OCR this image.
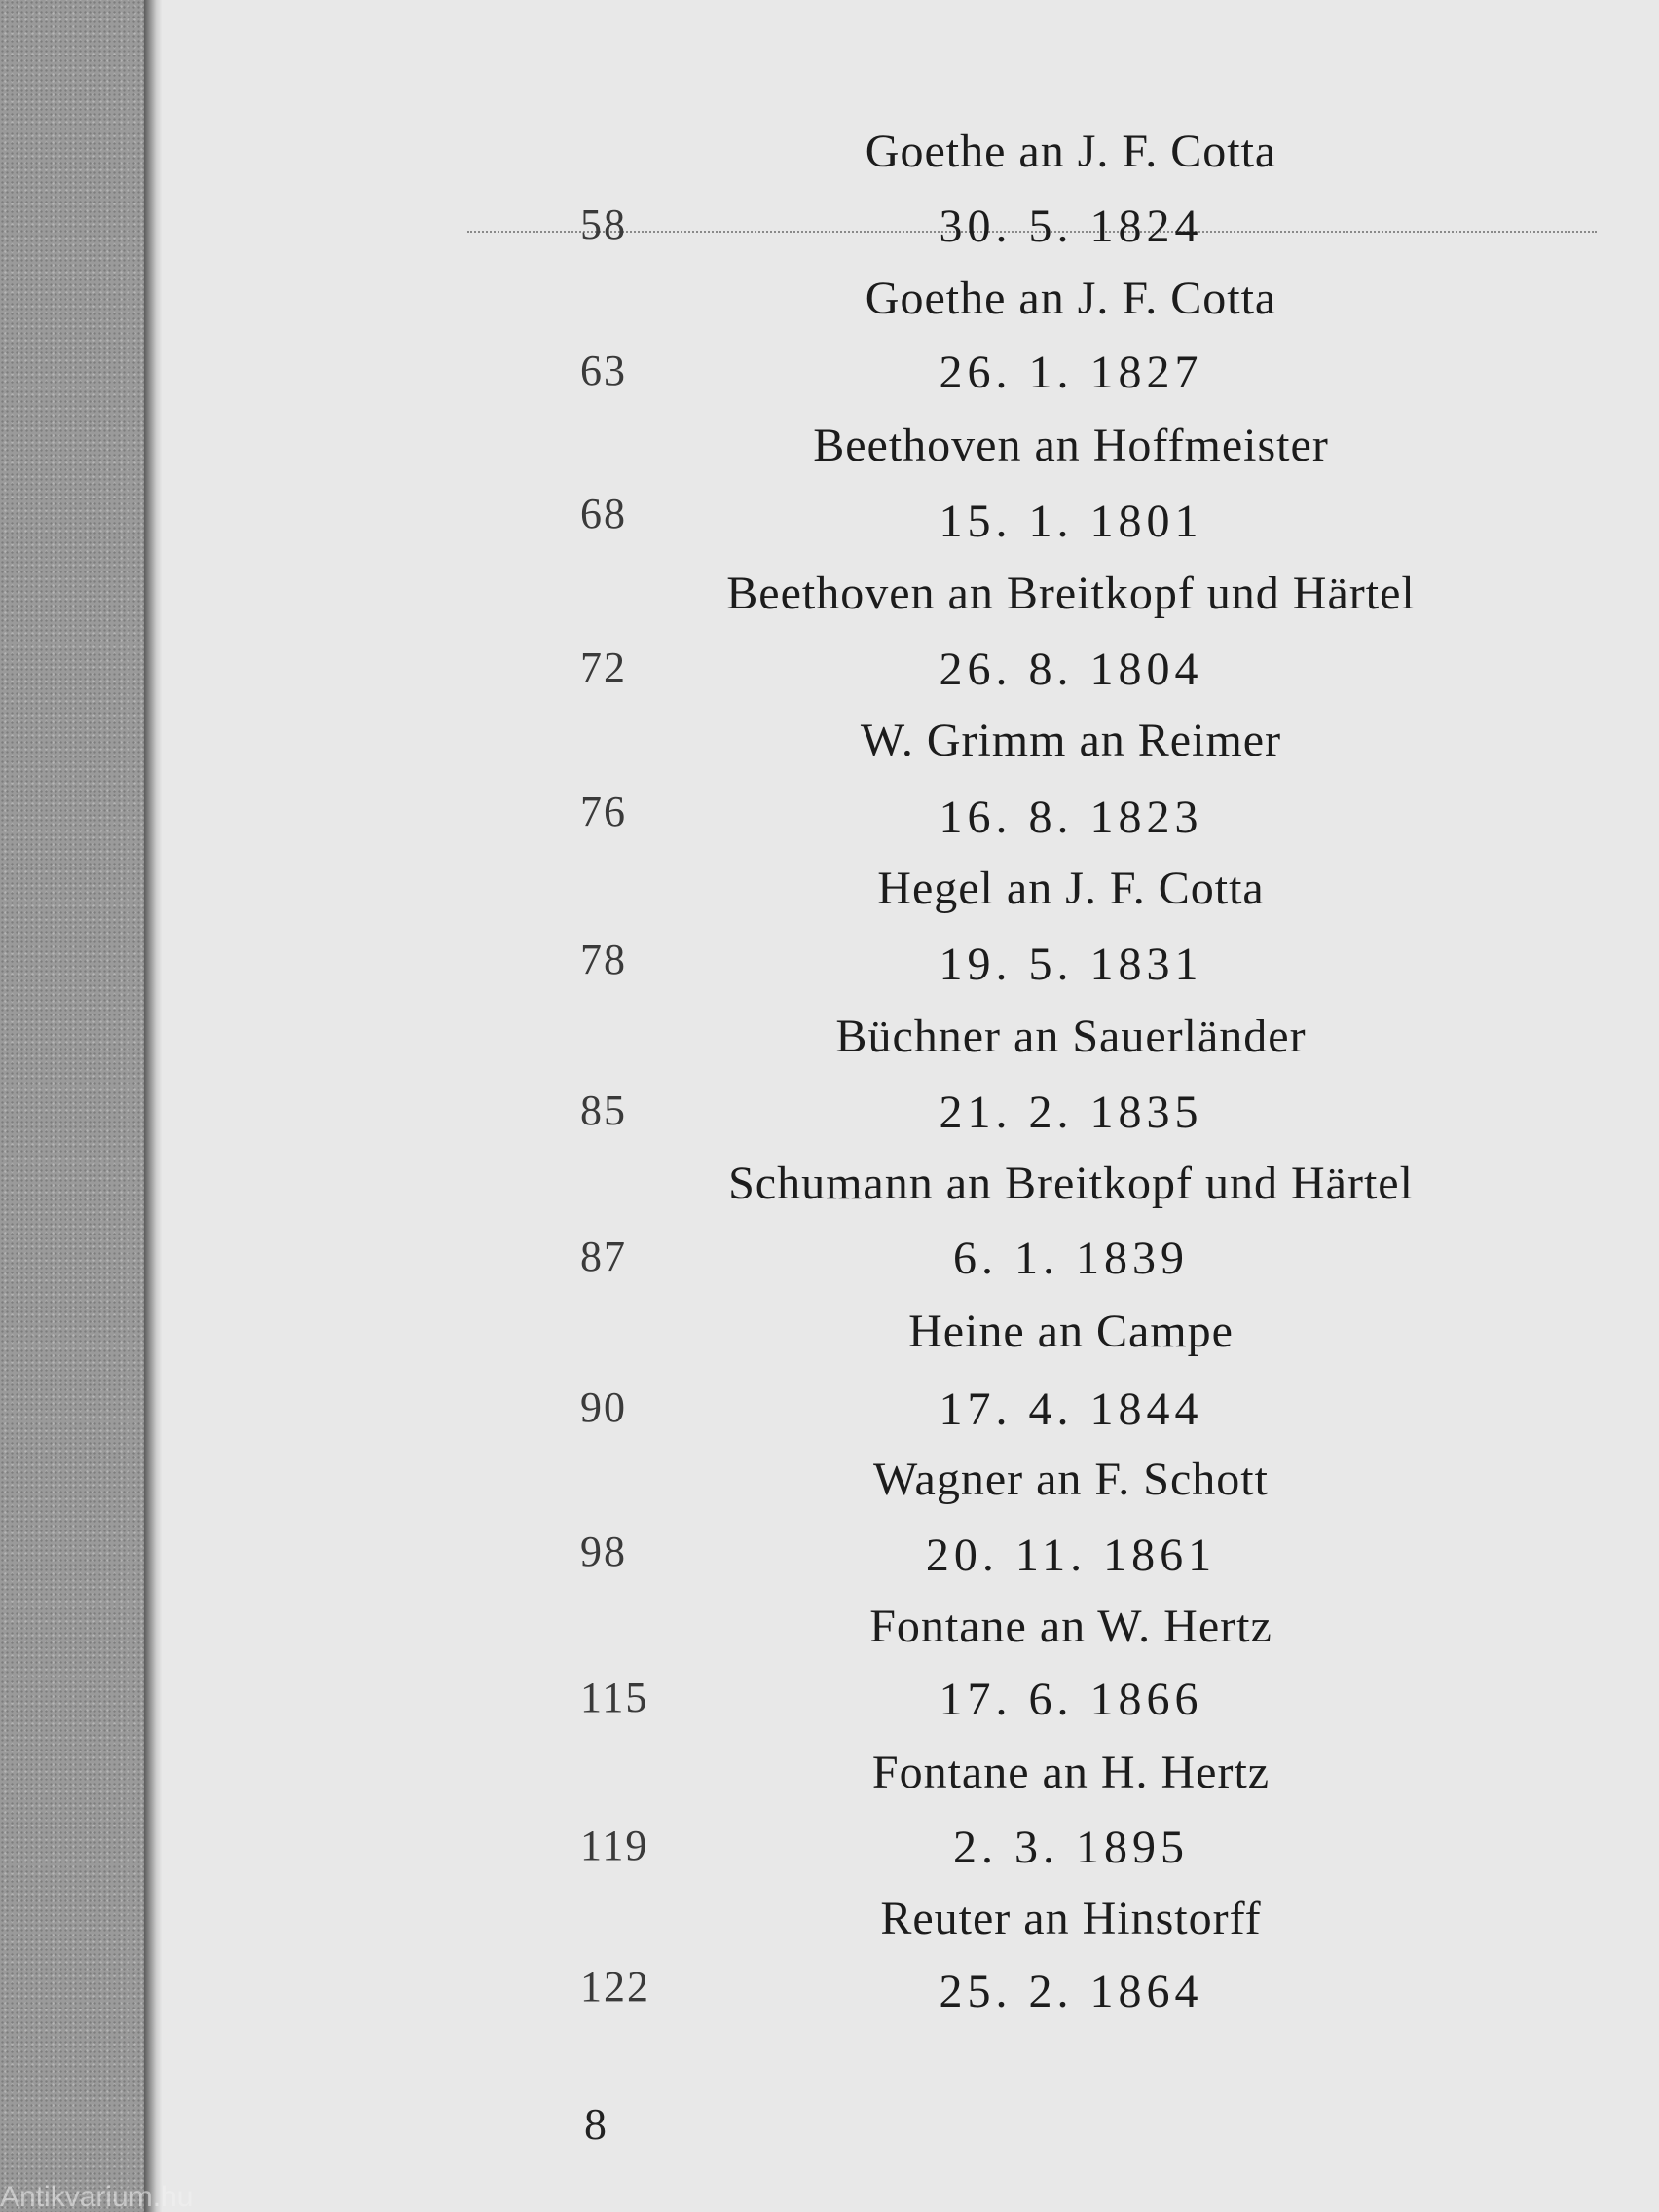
Goethe an J. F. Cotta
58	30. 5. 1824
Goethe an J. F. Cotta
63	26. 1. 1827
Beethoven an Hoffmeister
68	15. 1. 1801
Beethoven an Breitkopf und Härtel
72	26. 8. 1804
W. Grimm an Reimer
76	16. 8. 1823
Hegel an J. F. Cotta
78	19. 5. 1831
Büchner an Sauerländer
85	21. 2. 1835
Schumann an Breitkopf und Härtel
87	6. 1. 1839
Heine an Campe
90	17. 4. 1844
Wagner an F. Schott
98	20. 11. 1861
Fontane an W. Hertz
115	17. 6. 1866
Fontane an H. Hertz
119	2. 3. 1895
Reuter an Hinstorff
122	25. 2. 1864
8
Antikvarium.hu
